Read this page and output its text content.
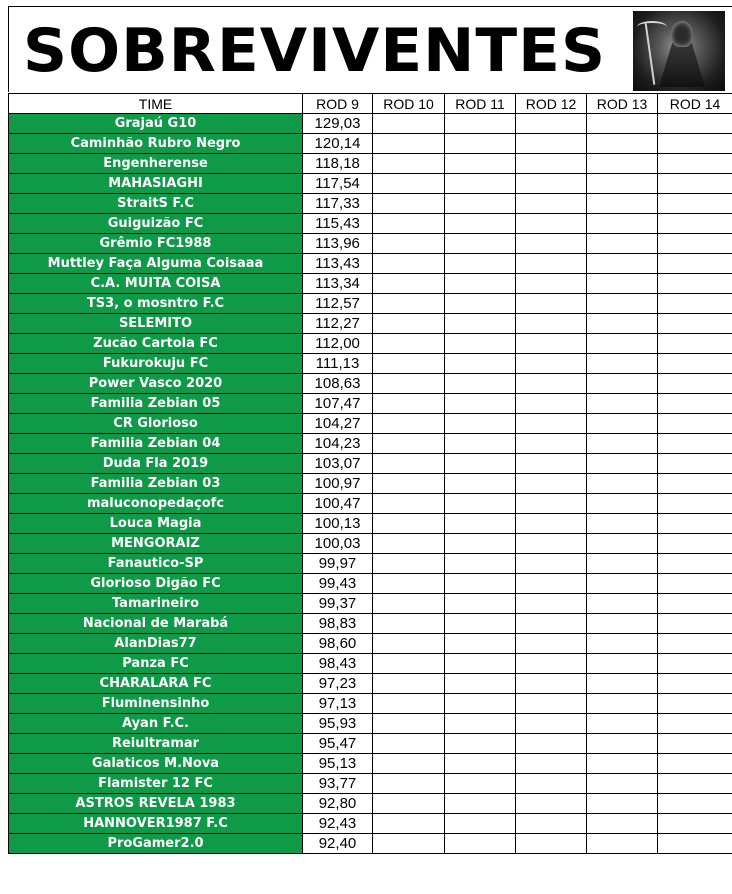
SOBREVIVENTES
TIME	ROD 9	ROD 10	ROD 11	ROD 12	ROD 13	ROD 14
Grajaú G10	129,03					
Caminhão Rubro Negro	120,14					
Engenherense	118,18					
MAHASIAGHI	117,54					
StraitS F.C	117,33					
Guiguizão FC	115,43					
Grêmio FC1988	113,96					
Muttley Faça Alguma Coisaaa	113,43					
C.A. MUITA COISA	113,34					
TS3, o mosntro F.C	112,57					
SELEMITO	112,27					
Zucão Cartola FC	112,00					
Fukurokuju FC	111,13					
Power Vasco 2020	108,63					
Familia Zebian 05	107,47					
CR Glorioso	104,27					
Familia Zebian 04	104,23					
Duda Fla 2019	103,07					
Familia Zebian 03	100,97					
maluconopedaçofc	100,47					
Louca Magia	100,13					
MENGORAIZ	100,03					
Fanautico-SP	99,97					
Glorioso Digão FC	99,43					
Tamarineiro	99,37					
Nacional de Marabá	98,83					
AlanDias77	98,60					
Panza FC	98,43					
CHARALARA FC	97,23					
Fluminensinho	97,13					
Ayan F.C.	95,93					
Reiultramar	95,47					
Galaticos M.Nova	95,13					
Flamister 12 FC	93,77					
ASTROS REVELA 1983	92,80					
HANNOVER1987 F.C	92,43					
ProGamer2.0	92,40					
